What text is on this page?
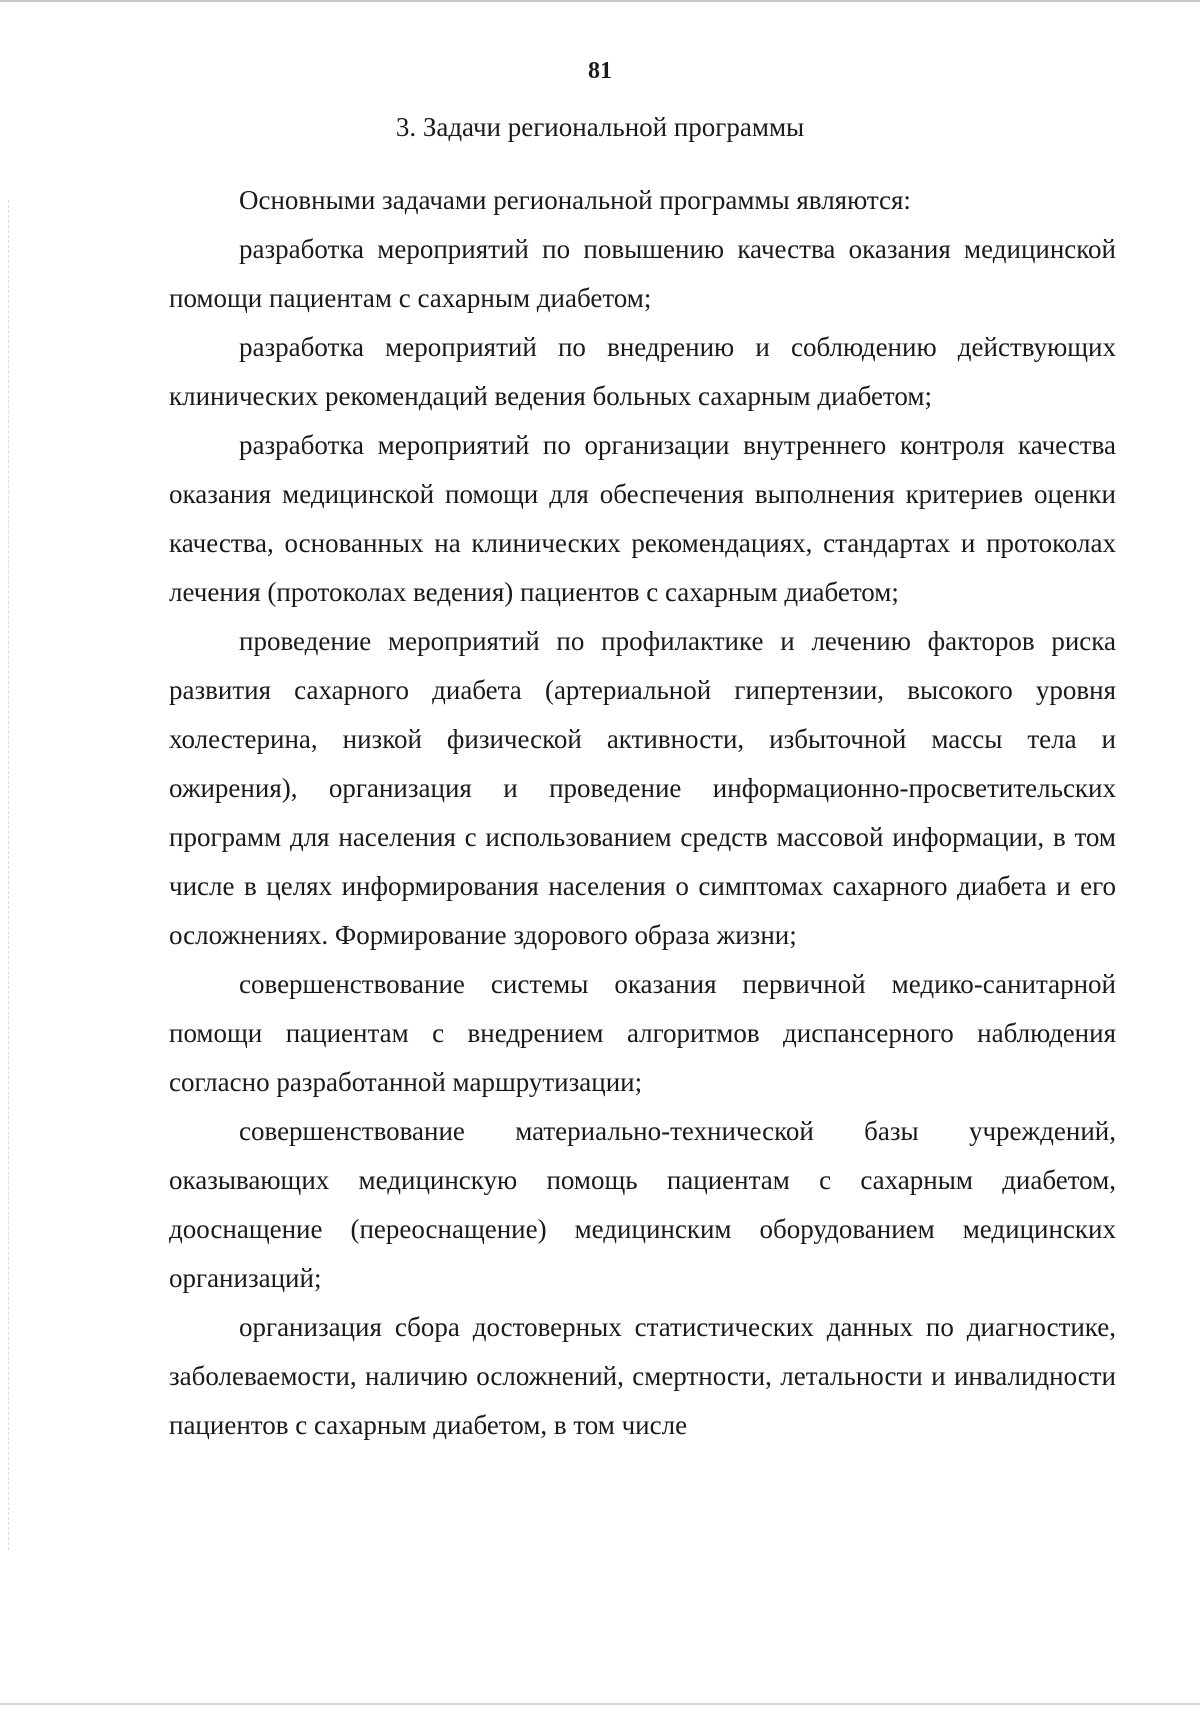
81
3. Задачи региональной программы

Основными задачами региональной программы являются:

разработка мероприятий по повышению качества оказания медицинской помощи пациентам с сахарным диабетом;

разработка мероприятий по внедрению и соблюдению действующих клинических рекомендаций ведения больных сахарным диабетом;

разработка мероприятий по организации внутреннего контроля качества оказания медицинской помощи для обеспечения выполнения критериев оценки качества, основанных на клинических рекомендациях, стандартах и протоколах лечения (протоколах ведения) пациентов с сахарным диабетом;

проведение мероприятий по профилактике и лечению факторов риска развития сахарного диабета (артериальной гипертензии, высокого уровня холестерина, низкой физической активности, избыточной массы тела и ожирения), организация и проведение информационно-просветительских программ для населения с использованием средств массовой информации, в том числе в целях информирования населения о симптомах сахарного диабета и его осложнениях. Формирование здорового образа жизни;

совершенствование системы оказания первичной медико-санитарной помощи пациентам с внедрением алгоритмов диспансерного наблюдения согласно разработанной маршрутизации;

совершенствование материально-технической базы учреждений, оказывающих медицинскую помощь пациентам с сахарным диабетом, дооснащение (переоснащение) медицинским оборудованием медицинских организаций;

организация сбора достоверных статистических данных по диагностике, заболеваемости, наличию осложнений, смертности, летальности и инвалидности пациентов с сахарным диабетом, в том числе
